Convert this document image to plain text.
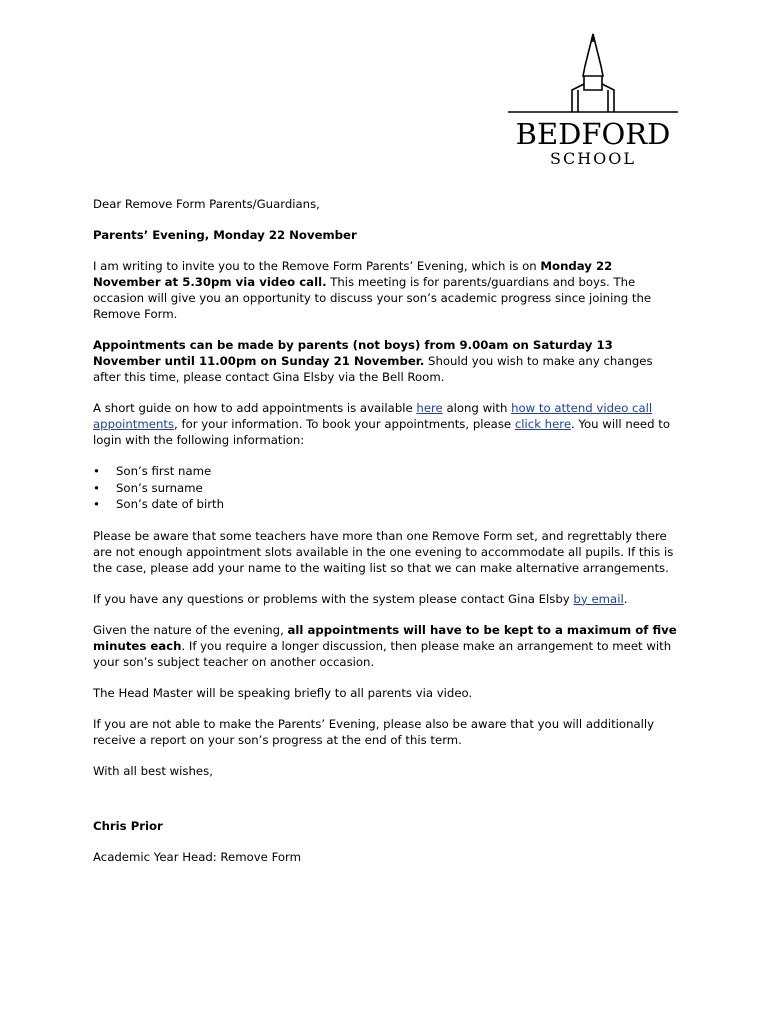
BEDFORD
SCHOOL

Dear Remove Form Parents/Guardians,

Parents’ Evening, Monday 22 November

I am writing to invite you to the Remove Form Parents’ Evening, which is on Monday 22 November at 5.30pm via video call. This meeting is for parents/guardians and boys. The occasion will give you an opportunity to discuss your son’s academic progress since joining the Remove Form.

Appointments can be made by parents (not boys) from 9.00am on Saturday 13 November until 11.00pm on Sunday 21 November. Should you wish to make any changes after this time, please contact Gina Elsby via the Bell Room.

A short guide on how to add appointments is available here along with how to attend video call appointments, for your information. To book your appointments, please click here. You will need to login with the following information:

• Son’s first name
• Son’s surname
• Son’s date of birth

Please be aware that some teachers have more than one Remove Form set, and regrettably there are not enough appointment slots available in the one evening to accommodate all pupils. If this is the case, please add your name to the waiting list so that we can make alternative arrangements.

If you have any questions or problems with the system please contact Gina Elsby by email.

Given the nature of the evening, all appointments will have to be kept to a maximum of five minutes each. If you require a longer discussion, then please make an arrangement to meet with your son’s subject teacher on another occasion.

The Head Master will be speaking briefly to all parents via video.

If you are not able to make the Parents’ Evening, please also be aware that you will additionally receive a report on your son’s progress at the end of this term.

With all best wishes,

Chris Prior

Academic Year Head: Remove Form
